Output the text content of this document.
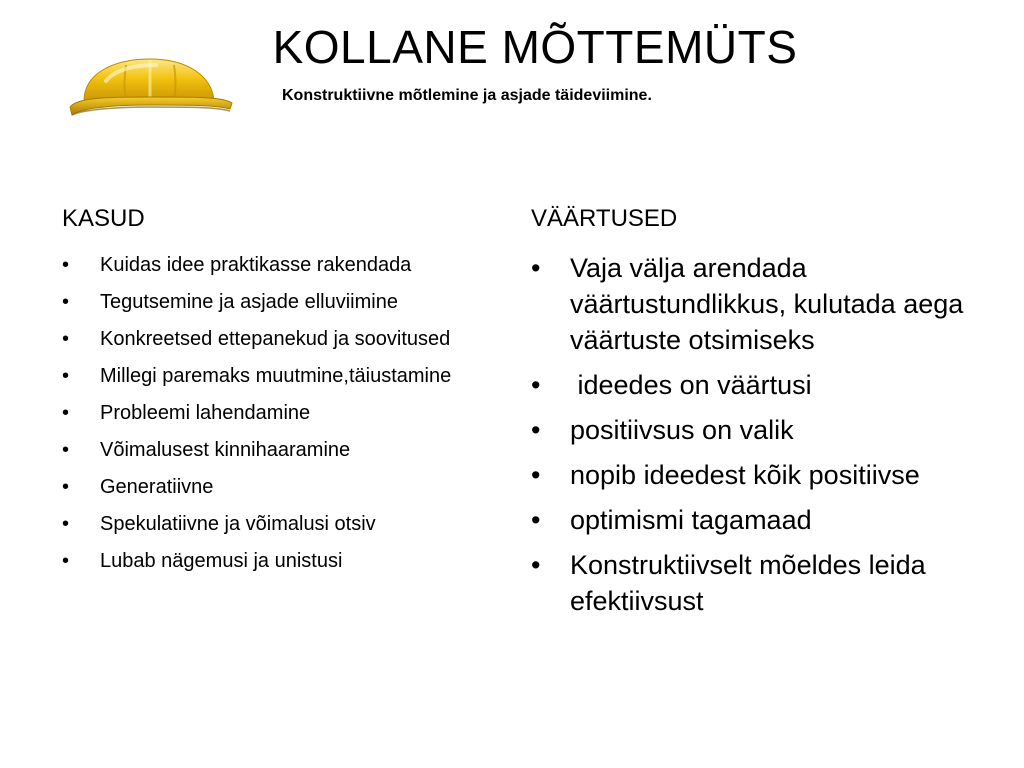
KOLLANE MÕTTEMÜTS
Konstruktiivne mõtlemine ja asjade täideviimine.
KASUD
• Kuidas idee praktikasse rakendada
• Tegutsemine ja asjade elluviimine
• Konkreetsed ettepanekud ja soovitused
• Millegi paremaks muutmine,täiustamine
• Probleemi lahendamine
• Võimalusest kinnihaaramine
• Generatiivne
• Spekulatiivne ja võimalusi otsiv
• Lubab nägemusi ja unistusi
VÄÄRTUSED
• Vaja välja arendada väärtustundlikkus, kulutada aega väärtuste otsimiseks
• ideedes on väärtusi
• positiivsus on valik
• nopib ideedest kõik positiivse
• optimismi tagamaad
• Konstruktiivselt mõeldes leida efektiivsust
